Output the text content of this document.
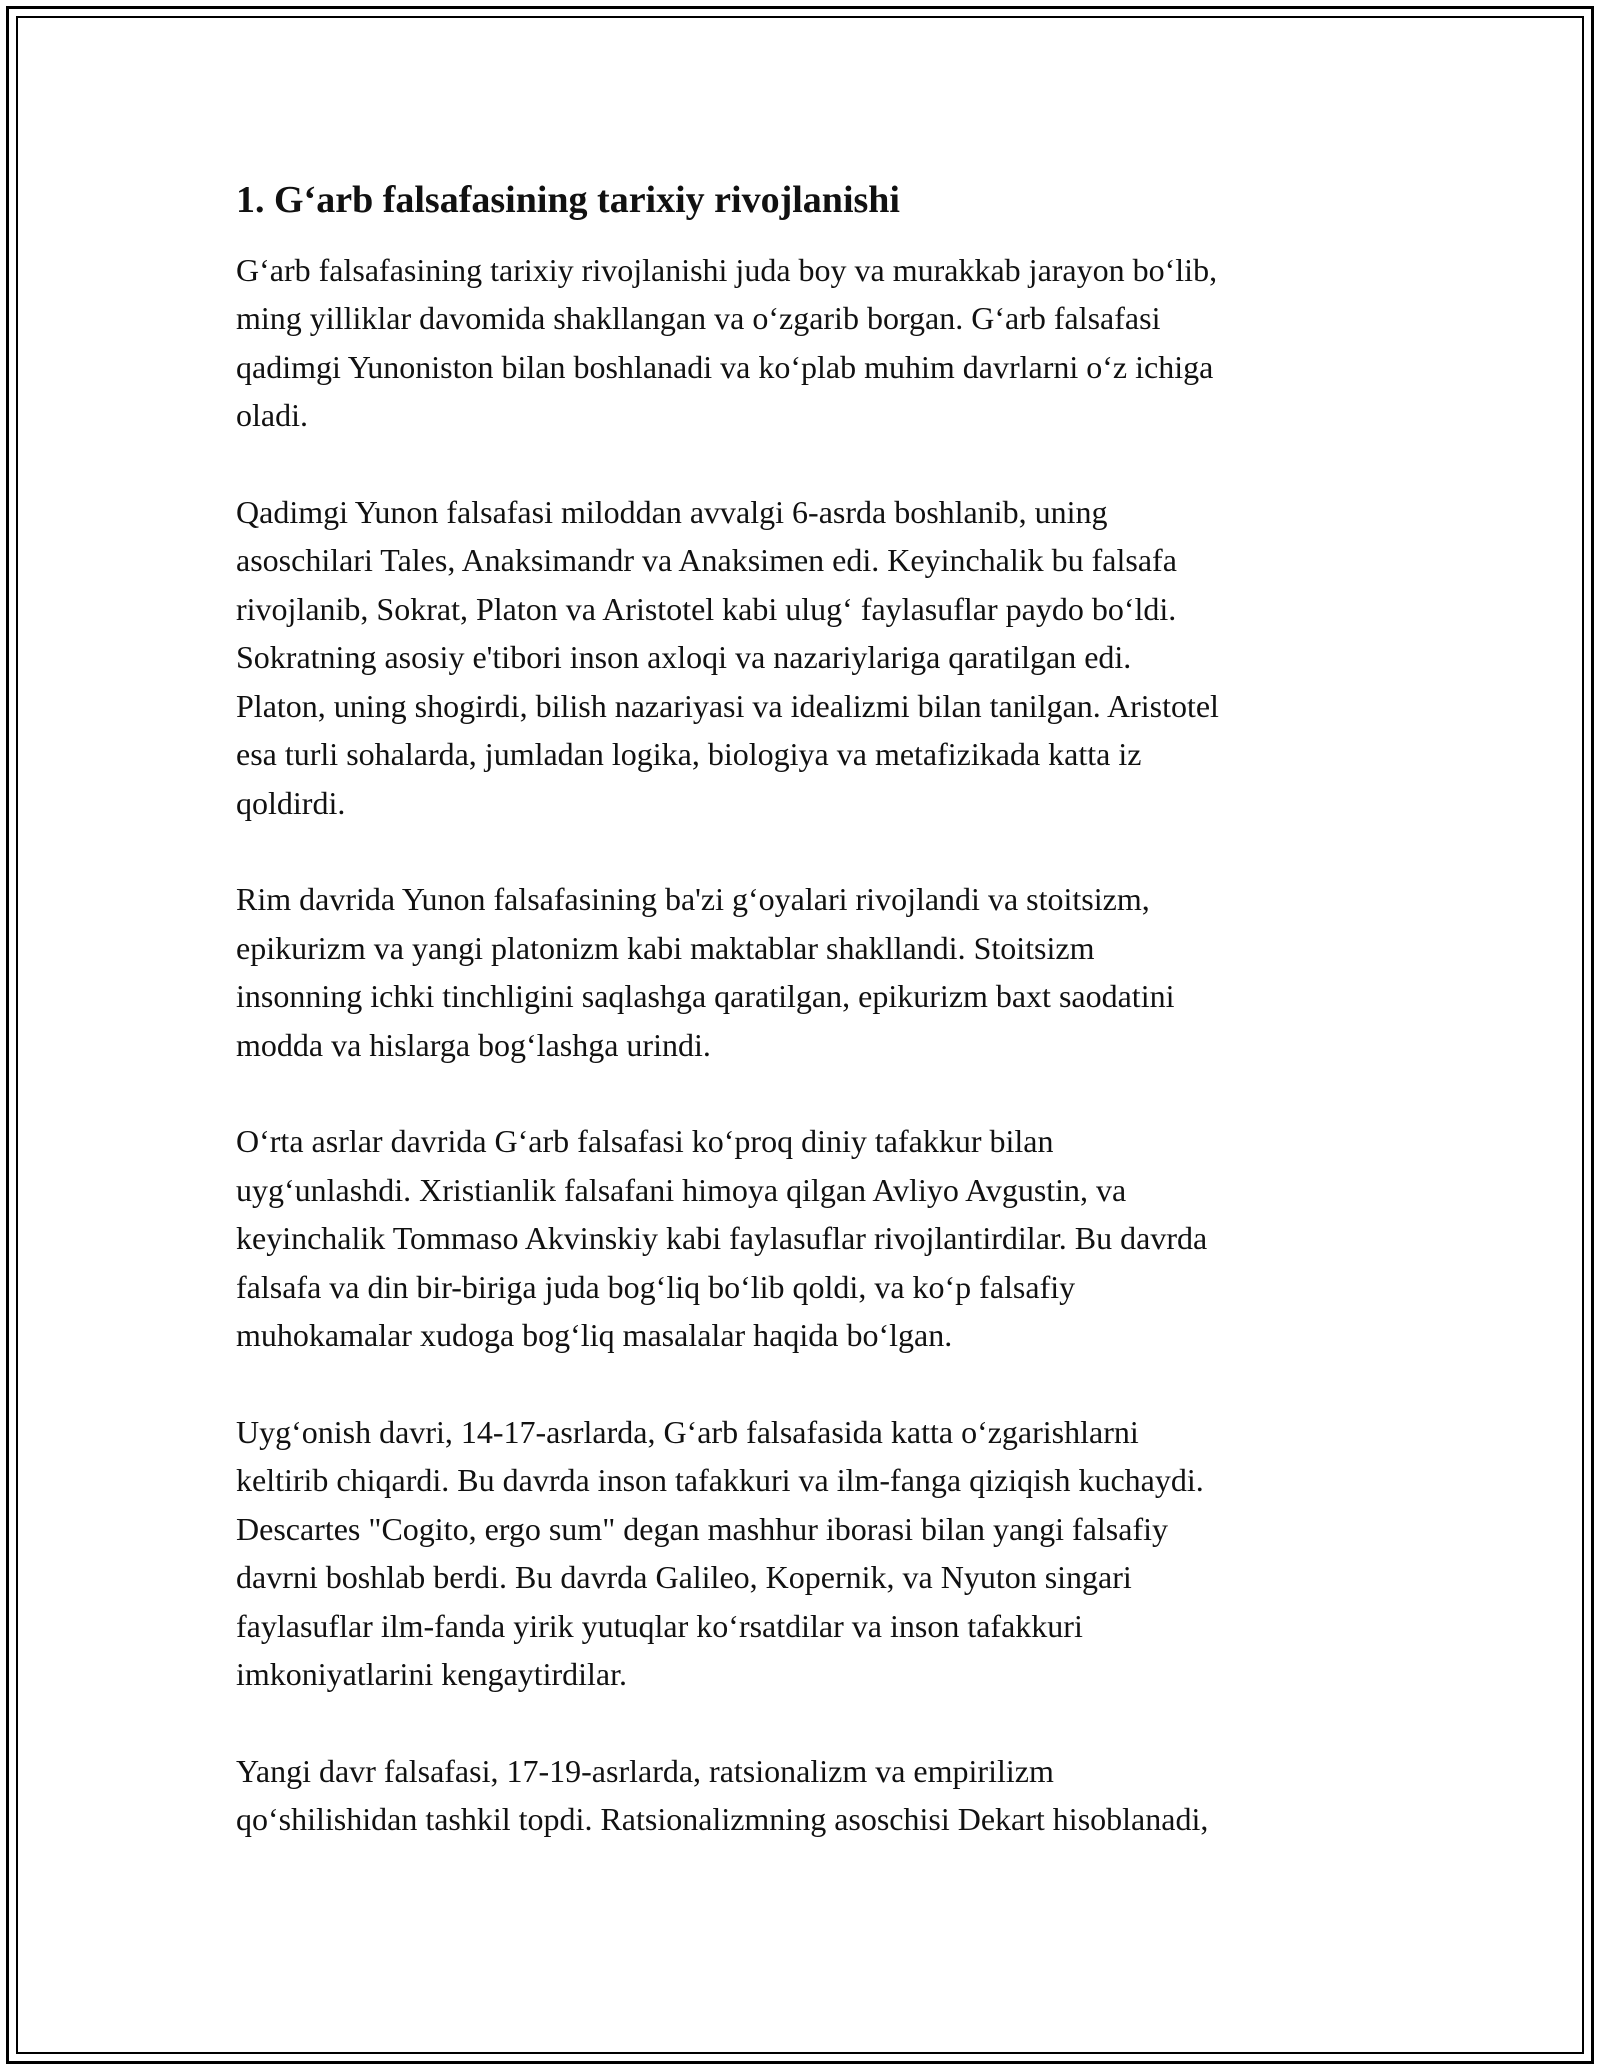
1. G‘arb falsafasining tarixiy rivojlanishi

G‘arb falsafasining tarixiy rivojlanishi juda boy va murakkab jarayon bo‘lib,
ming yilliklar davomida shakllangan va o‘zgarib borgan. G‘arb falsafasi
qadimgi Yunoniston bilan boshlanadi va ko‘plab muhim davrlarni o‘z ichiga
oladi.

Qadimgi Yunon falsafasi miloddan avvalgi 6-asrda boshlanib, uning
asoschilari Tales, Anaksimandr va Anaksimen edi. Keyinchalik bu falsafa
rivojlanib, Sokrat, Platon va Aristotel kabi ulug‘ faylasuflar paydo bo‘ldi.
Sokratning asosiy e'tibori inson axloqi va nazariylariga qaratilgan edi.
Platon, uning shogirdi, bilish nazariyasi va idealizmi bilan tanilgan. Aristotel
esa turli sohalarda, jumladan logika, biologiya va metafizikada katta iz
qoldirdi.

Rim davrida Yunon falsafasining ba'zi g‘oyalari rivojlandi va stoitsizm,
epikurizm va yangi platonizm kabi maktablar shakllandi. Stoitsizm
insonning ichki tinchligini saqlashga qaratilgan, epikurizm baxt saodatini
modda va hislarga bog‘lashga urindi.

O‘rta asrlar davrida G‘arb falsafasi ko‘proq diniy tafakkur bilan
uyg‘unlashdi. Xristianlik falsafani himoya qilgan Avliyo Avgustin, va
keyinchalik Tommaso Akvinskiy kabi faylasuflar rivojlantirdilar. Bu davrda
falsafa va din bir-biriga juda bog‘liq bo‘lib qoldi, va ko‘p falsafiy
muhokamalar xudoga bog‘liq masalalar haqida bo‘lgan.

Uyg‘onish davri, 14-17-asrlarda, G‘arb falsafasida katta o‘zgarishlarni
keltirib chiqardi. Bu davrda inson tafakkuri va ilm-fanga qiziqish kuchaydi.
Descartes "Cogito, ergo sum" degan mashhur iborasi bilan yangi falsafiy
davrni boshlab berdi. Bu davrda Galileo, Kopernik, va Nyuton singari
faylasuflar ilm-fanda yirik yutuqlar ko‘rsatdilar va inson tafakkuri
imkoniyatlarini kengaytirdilar.

Yangi davr falsafasi, 17-19-asrlarda, ratsionalizm va empirilizm
qo‘shilishidan tashkil topdi. Ratsionalizmning asoschisi Dekart hisoblanadi,
